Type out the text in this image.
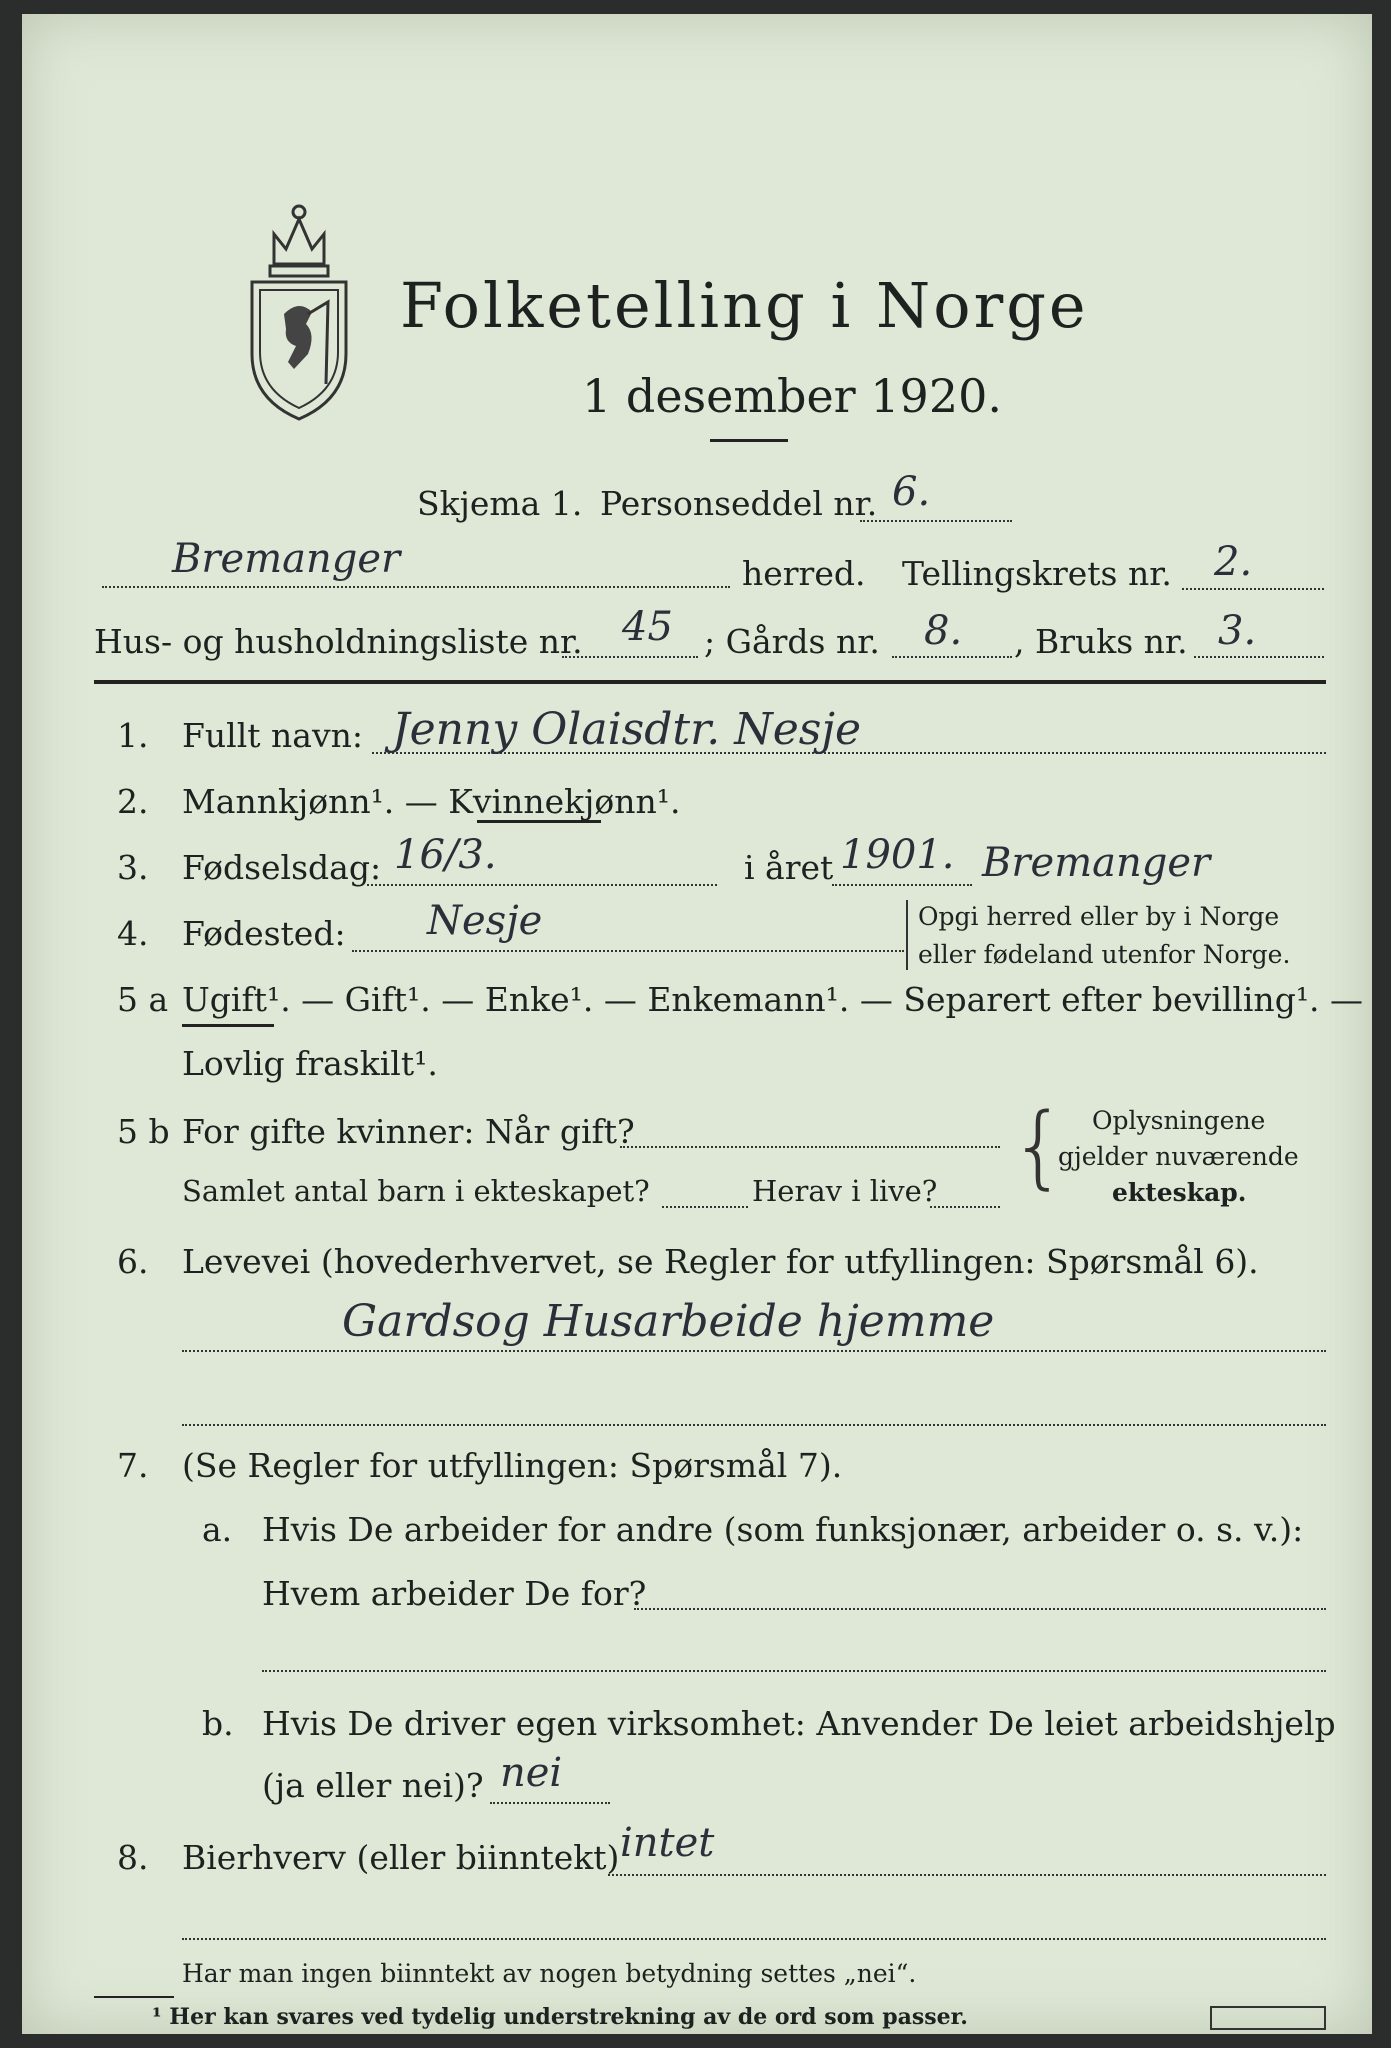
Folketelling i Norge
1 desember 1920.
Skjema 1. Personseddel nr. 6.
Bremanger	herred. Tellingskrets nr. 2.
Hus- og husholdningsliste nr. 45 ; Gårds nr. 8. , Bruks nr. 3.
1. Fullt navn: Jenny Olaisdtr. Nesje
2. Mannkjønn¹. — Kvinnekjønn¹.
3. Fødselsdag: 16/3.	i året 1901. Bremanger
4. Fødested: Nesje	Opgi herred eller by i Norge
eller fødeland utenfor Norge.
5 a Ugift¹. — Gift¹. — Enke¹. — Enkemann¹. — Separert efter bevilling¹. —
Lovlig fraskilt¹.
5 b For gifte kvinner: Når gift?
Samlet antal barn i ekteskapet?	Herav i live? { Oplysningene
gjelder nuværende
ekteskap.
6. Levevei (hovederhvervet, se Regler for utfyllingen: Spørsmål 6).
Gardsog Husarbeide hjemme
7. (Se Regler for utfyllingen: Spørsmål 7).
a. Hvis De arbeider for andre (som funksjonær, arbeider o. s. v.):
Hvem arbeider De for?
b. Hvis De driver egen virksomhet: Anvender De leiet arbeidshjelp
(ja eller nei)? nei
8. Bierhverv (eller biinntekt) intet
Har man ingen biinntekt av nogen betydning settes „nei“.
¹ Her kan svares ved tydelig understrekning av de ord som passer.
